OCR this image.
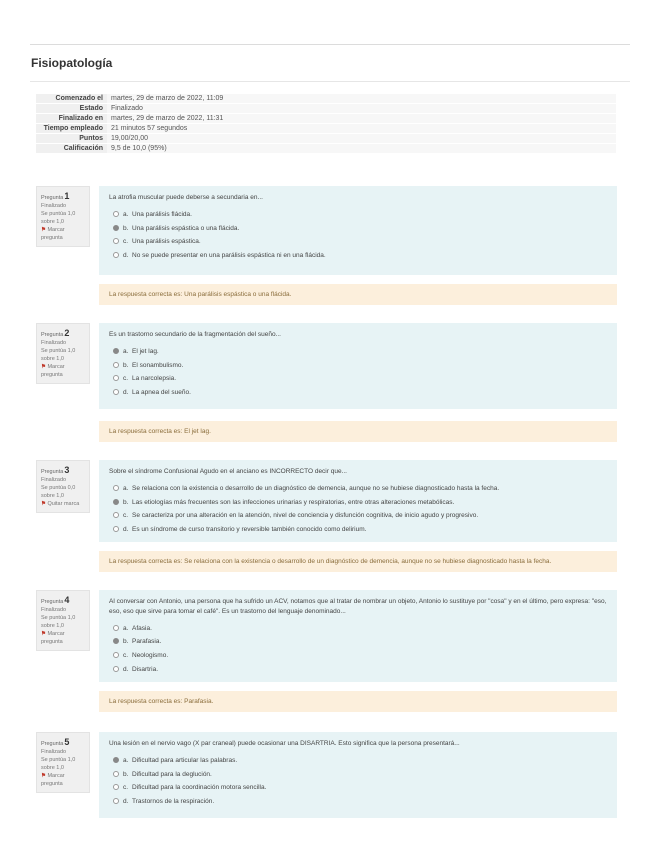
Fisiopatología
Comenzado el	martes, 29 de marzo de 2022, 11:09
Estado	Finalizado
Finalizado en	martes, 29 de marzo de 2022, 11:31
Tiempo empleado	21 minutos 57 segundos
Puntos	19,00/20,00
Calificación	9,5 de 10,0 (95%)
Pregunta1
Finalizado
Se puntúa 1,0 sobre 1,0
⚑ Marcar pregunta
La atrofia muscular puede deberse a secundaria en...
a. Una parálisis flácida.
b. Una parálisis espástica o una flácida.
c. Una parálisis espástica.
d. No se puede presentar en una parálisis espástica ni en una flácida.
La respuesta correcta es: Una parálisis espástica o una flácida.
Pregunta2
Finalizado
Se puntúa 1,0 sobre 1,0
⚑ Marcar pregunta
Es un trastorno secundario de la fragmentación del sueño...
a. El jet lag.
b. El sonambulismo.
c. La narcolepsia.
d. La apnea del sueño.
La respuesta correcta es: El jet lag.
Pregunta3
Finalizado
Se puntúa 0,0 sobre 1,0
⚑ Quitar marca
Sobre el síndrome Confusional Agudo en el anciano es INCORRECTO decir que...
a. Se relaciona con la existencia o desarrollo de un diagnóstico de demencia, aunque no se hubiese diagnosticado hasta la fecha.
b. Las etiologías más frecuentes son las infecciones urinarias y respiratorias, entre otras alteraciones metabólicas.
c. Se caracteriza por una alteración en la atención, nivel de conciencia y disfunción cognitiva, de inicio agudo y progresivo.
d. Es un síndrome de curso transitorio y reversible también conocido como delirium.
La respuesta correcta es: Se relaciona con la existencia o desarrollo de un diagnóstico de demencia, aunque no se hubiese diagnosticado hasta la fecha.
Pregunta4
Finalizado
Se puntúa 1,0 sobre 1,0
⚑ Marcar pregunta
Al conversar con Antonio, una persona que ha sufrido un ACV, notamos que al tratar de nombrar un objeto, Antonio lo sustituye por "cosa" y en el último, pero expresa: "eso, eso, eso que sirve para tomar el café". Es un trastorno del lenguaje denominado...
a. Afasia.
b. Parafasia.
c. Neologismo.
d. Disartria.
La respuesta correcta es: Parafasia.
Pregunta5
Finalizado
Se puntúa 1,0 sobre 1,0
⚑ Marcar pregunta
Una lesión en el nervio vago (X par craneal) puede ocasionar una DISARTRIA. Esto significa que la persona presentará...
a. Dificultad para articular las palabras.
b. Dificultad para la deglución.
c. Dificultad para la coordinación motora sencilla.
d. Trastornos de la respiración.
